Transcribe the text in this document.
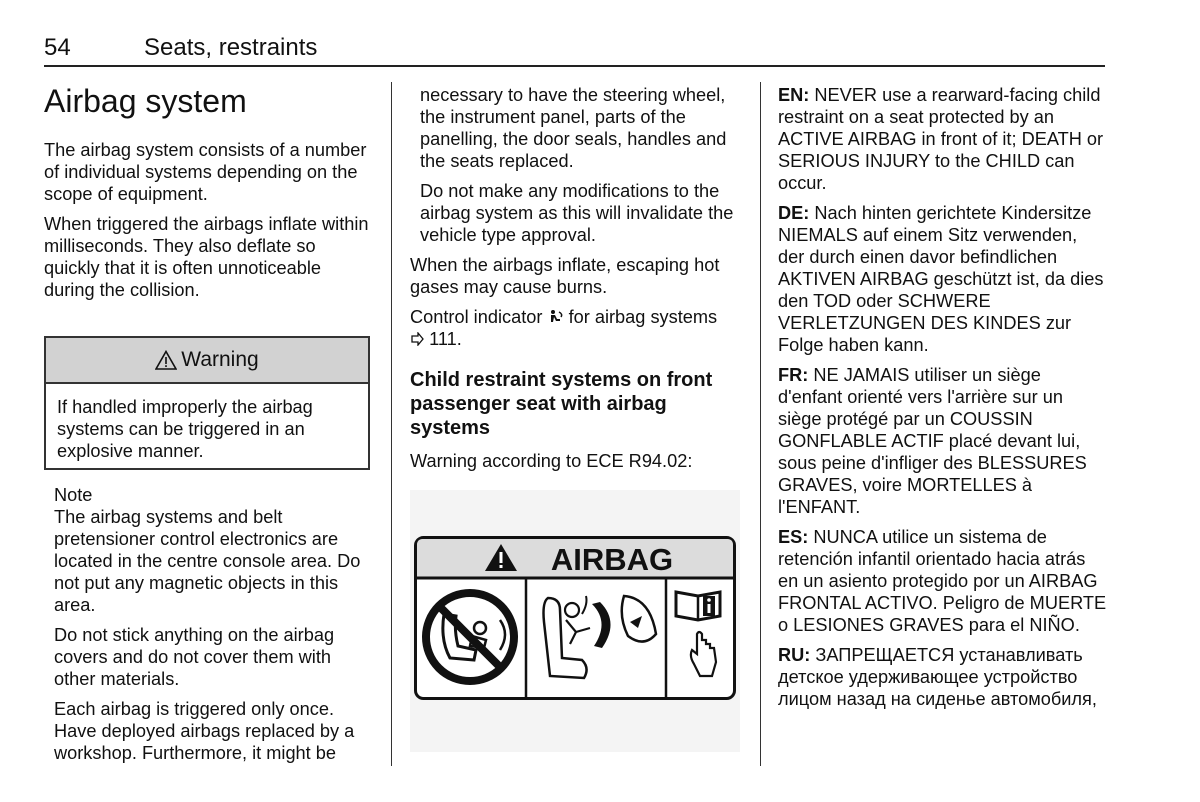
54	Seats, restraints
Airbag system

The airbag system consists of a number of individual systems depending on the scope of equipment.

When triggered the airbags inflate within milliseconds. They also deflate so quickly that it is often unnoticeable during the collision.

Warning
If handled improperly the airbag systems can be triggered in an explosive manner.
Note

The airbag systems and belt pretensioner control electronics are located in the centre console area. Do not put any magnetic objects in this area.

Do not stick anything on the airbag covers and do not cover them with other materials.

Each airbag is triggered only once. Have deployed airbags replaced by a workshop. Furthermore, it might be

necessary to have the steering wheel, the instrument panel, parts of the panelling, the door seals, handles and the seats replaced.

Do not make any modifications to the airbag system as this will invalidate the vehicle type approval.

When the airbags inflate, escaping hot gases may cause burns.

Control indicator for airbag systems
111.

Child restraint systems on front passenger seat with airbag systems

Warning according to ECE R94.02:

AIRBAG

EN: NEVER use a rearward-facing child restraint on a seat protected by an ACTIVE AIRBAG in front of it; DEATH or SERIOUS INJURY to the CHILD can occur.

DE: Nach hinten gerichtete Kindersitze NIEMALS auf einem Sitz verwenden, der durch einen davor befindlichen AKTIVEN AIRBAG geschützt ist, da dies den TOD oder SCHWERE VERLETZUNGEN DES KINDES zur Folge haben kann.

FR: NE JAMAIS utiliser un siège d'enfant orienté vers l'arrière sur un siège protégé par un COUSSIN GONFLABLE ACTIF placé devant lui, sous peine d'infliger des BLESSURES GRAVES, voire MORTELLES à l'ENFANT.

ES: NUNCA utilice un sistema de retención infantil orientado hacia atrás en un asiento protegido por un AIRBAG FRONTAL ACTIVO. Peligro de MUERTE o LESIONES GRAVES para el NIÑO.

RU: ЗАПРЕЩАЕТСЯ устанавливать детское удерживающее устройство лицом назад на сиденье автомобиля,
